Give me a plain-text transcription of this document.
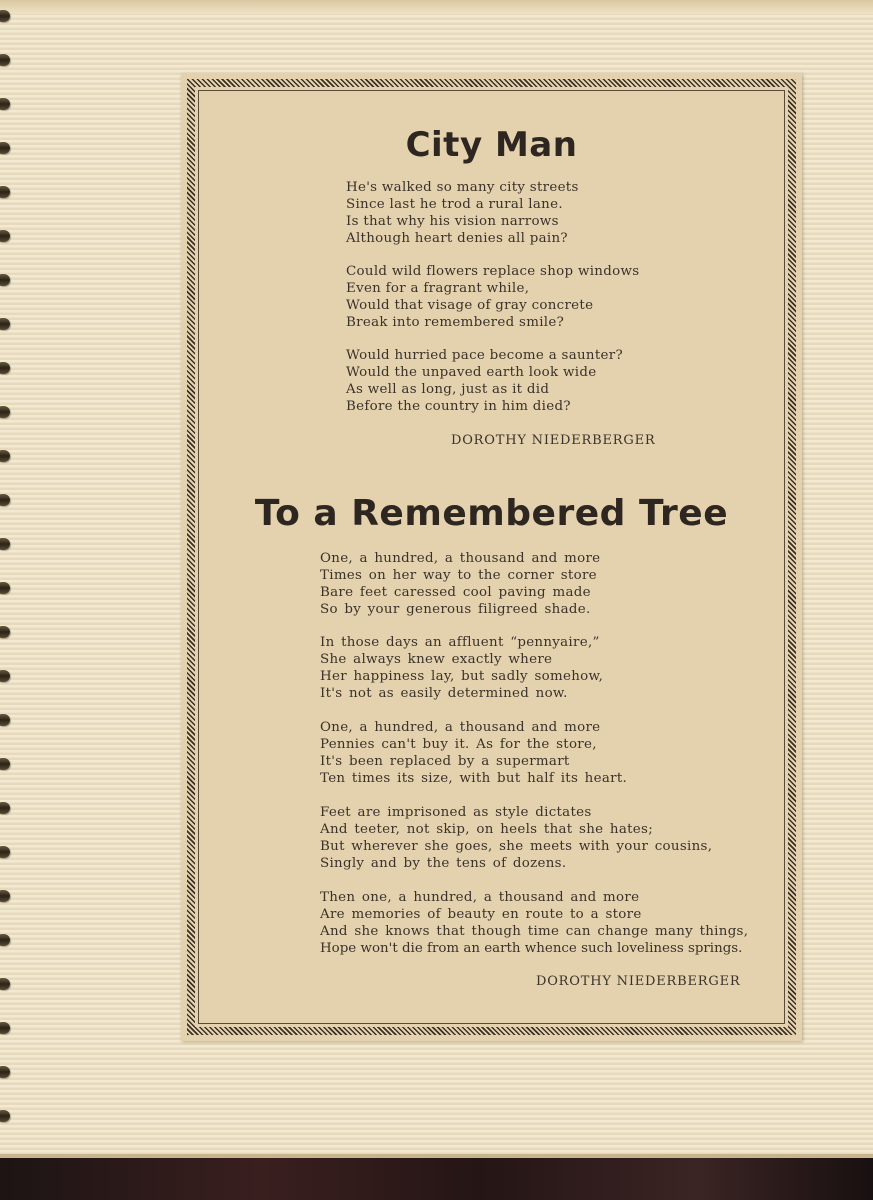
City Man
He's walked so many city streets
Since last he trod a rural lane.
Is that why his vision narrows
Although heart denies all pain?
Could wild flowers replace shop windows
Even for a fragrant while,
Would that visage of gray concrete
Break into remembered smile?
Would hurried pace become a saunter?
Would the unpaved earth look wide
As well as long, just as it did
Before the country in him died?
DOROTHY NIEDERBERGER
To a Remembered Tree
One, a hundred, a thousand and more
Times on her way to the corner store
Bare feet caressed cool paving made
So by your generous filigreed shade.
In those days an affluent “pennyaire,”
She always knew exactly where
Her happiness lay, but sadly somehow,
It's not as easily determined now.
One, a hundred, a thousand and more
Pennies can't buy it. As for the store,
It's been replaced by a supermart
Ten times its size, with but half its heart.
Feet are imprisoned as style dictates
And teeter, not skip, on heels that she hates;
But wherever she goes, she meets with your cousins,
Singly and by the tens of dozens.
Then one, a hundred, a thousand and more
Are memories of beauty en route to a store
And she knows that though time can change many things,
Hope won't die from an earth whence such loveliness springs.
DOROTHY NIEDERBERGER
